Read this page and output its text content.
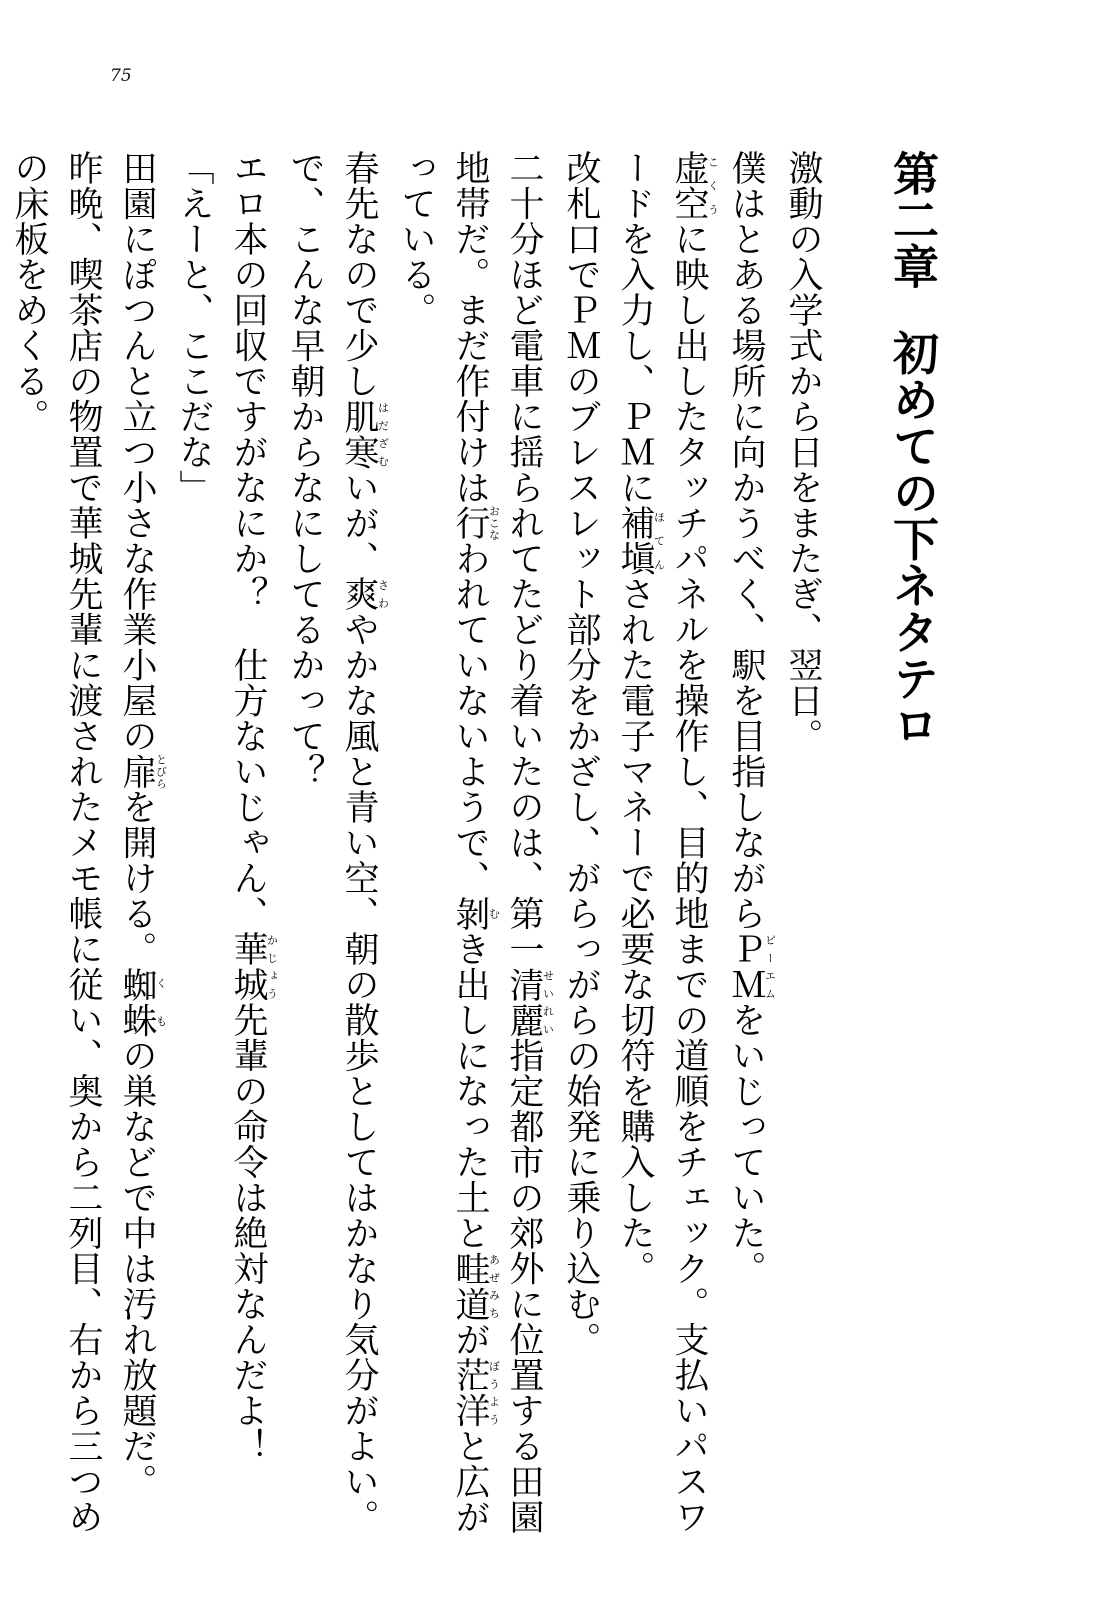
75
第二章初めての下ネタテロ

激動の入学式から日をまたぎ、翌日。

僕はとある場所に向かうべく、駅を目指しながらＰＭピーエムをいじっていた。

虚空こくうに映し出したタッチパネルを操作し、目的地までの道順をチェック。支払いパスワードを入力し、ＰＭに補塡ほてんされた電子マネーで必要な切符を購入した。

改札口でＰＭのブレスレット部分をかざし、がらっがらの始発に乗り込む。

二十分ほど電車に揺られてたどり着いたのは、第一清麗せいれい指定都市の郊外に位置する田園地帯だ。まだ作付けは行おこなわれていないようで、剝むき出しになった土と畦道あぜみちが茫洋ぼうようと広がっている。

春先なので少し肌寒はだざむいが、爽さわやかな風と青い空、朝の散歩としてはかなり気分がよい。

で、こんな早朝からなにしてるかって？

エロ本の回収ですがなにか？　仕方ないじゃん、華城かじょう先輩の命令は絶対なんだよ！

「えーと、ここだな」

田園にぽつんと立つ小さな作業小屋の扉とびらを開ける。蜘蛛くもの巣などで中は汚れ放題だ。

昨晩、喫茶店の物置で華城先輩に渡されたメモ帳に従い、奥から二列目、右から三つめの床板をめくる。
